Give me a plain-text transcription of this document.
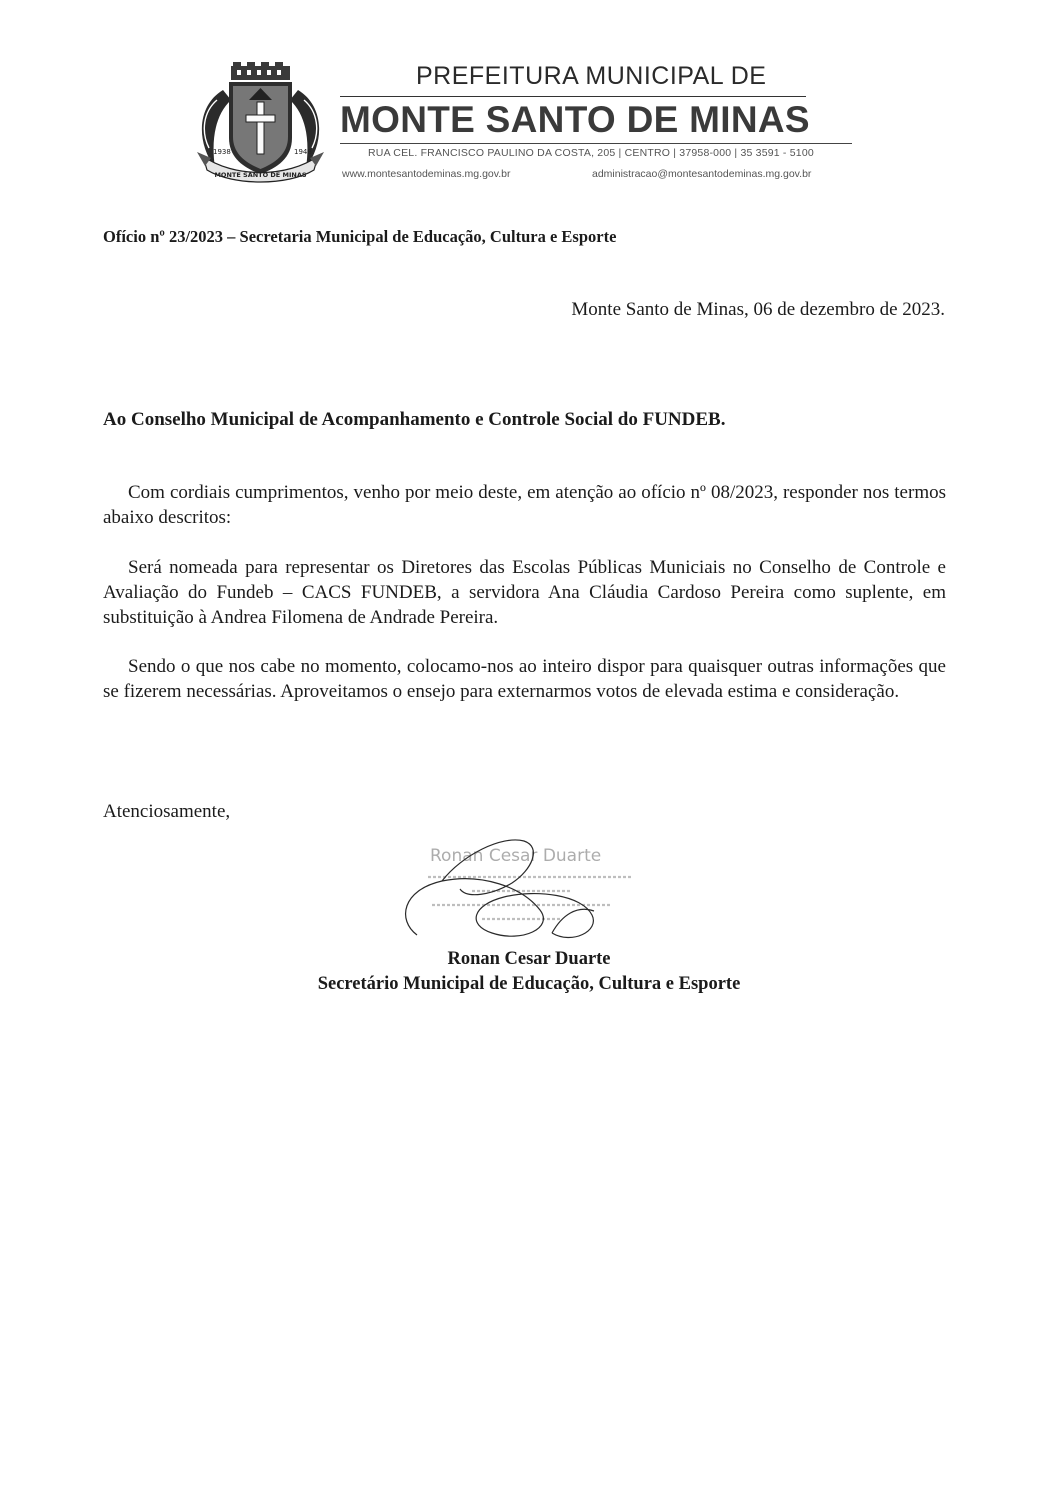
1938	1948
MONTE SANTO DE MINAS
PREFEITURA MUNICIPAL DE
MONTE SANTO DE MINAS
RUA CEL. FRANCISCO PAULINO DA COSTA, 205 | CENTRO | 37958-000 | 35 3591 - 5100
www.montesantodeminas.mg.gov.br	administracao@montesantodeminas.mg.gov.br
Ofício nº 23/2023 – Secretaria Municipal de Educação, Cultura e Esporte
Monte Santo de Minas, 06 de dezembro de 2023.
Ao Conselho Municipal de Acompanhamento e Controle Social do FUNDEB.

Com cordiais cumprimentos, venho por meio deste, em atenção ao ofício nº 08/2023, responder nos termos abaixo descritos:

Será nomeada para representar os Diretores das Escolas Públicas Municiais no Conselho de Controle e Avaliação do Fundeb – CACS FUNDEB, a servidora Ana Cláudia Cardoso Pereira como suplente, em substituição à Andrea Filomena de Andrade Pereira.

Sendo o que nos cabe no momento, colocamo-nos ao inteiro dispor para quaisquer outras informações que se fizerem necessárias. Aproveitamos o ensejo para externarmos votos de elevada estima e consideração.

Atenciosamente,
Ronan Cesar Duarte
Ronan Cesar Duarte
Secretário Municipal de Educação, Cultura e Esporte
